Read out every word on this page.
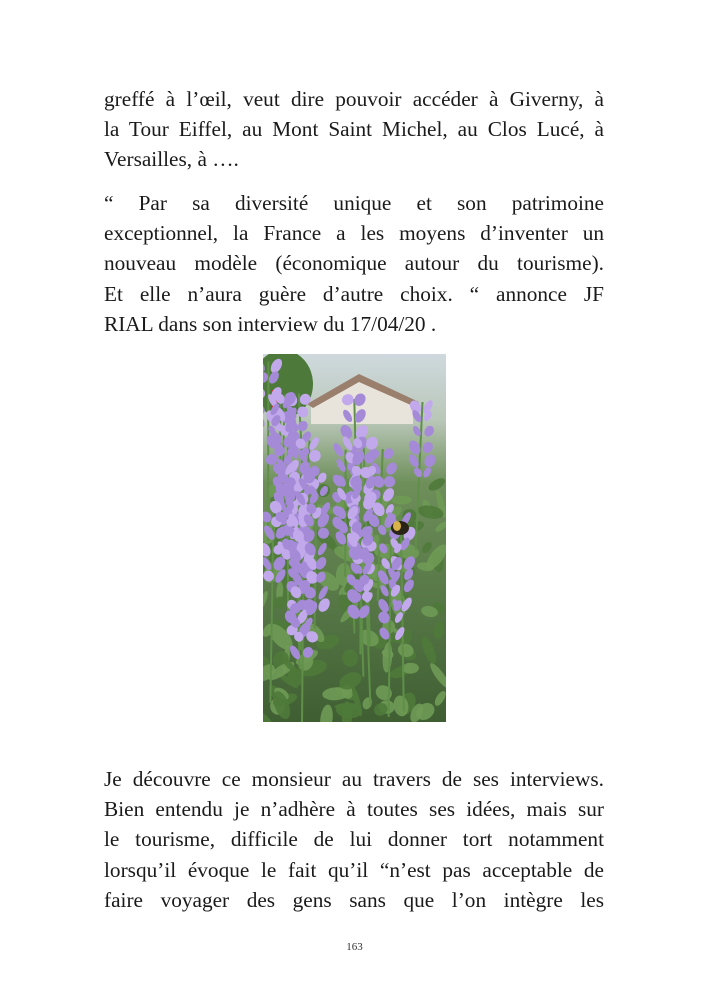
greffé à l’œil, veut dire pouvoir accéder à Giverny, à
la Tour Eiffel, au Mont Saint Michel, au Clos Lucé, à
Versailles, à ….
“ Par sa diversité unique et son patrimoine
exceptionnel, la France a les moyens d’inventer un
nouveau modèle (économique autour du tourisme).
Et elle n’aura guère d’autre choix. “ annonce JF
RIAL dans son interview du 17/04/20 .
Je découvre ce monsieur au travers de ses interviews.
Bien entendu je n’adhère à toutes ses idées, mais sur
le tourisme, difficile de lui donner tort notamment
lorsqu’il évoque le fait qu’il “n’est pas acceptable de
faire voyager des gens sans que l’on intègre les
163
